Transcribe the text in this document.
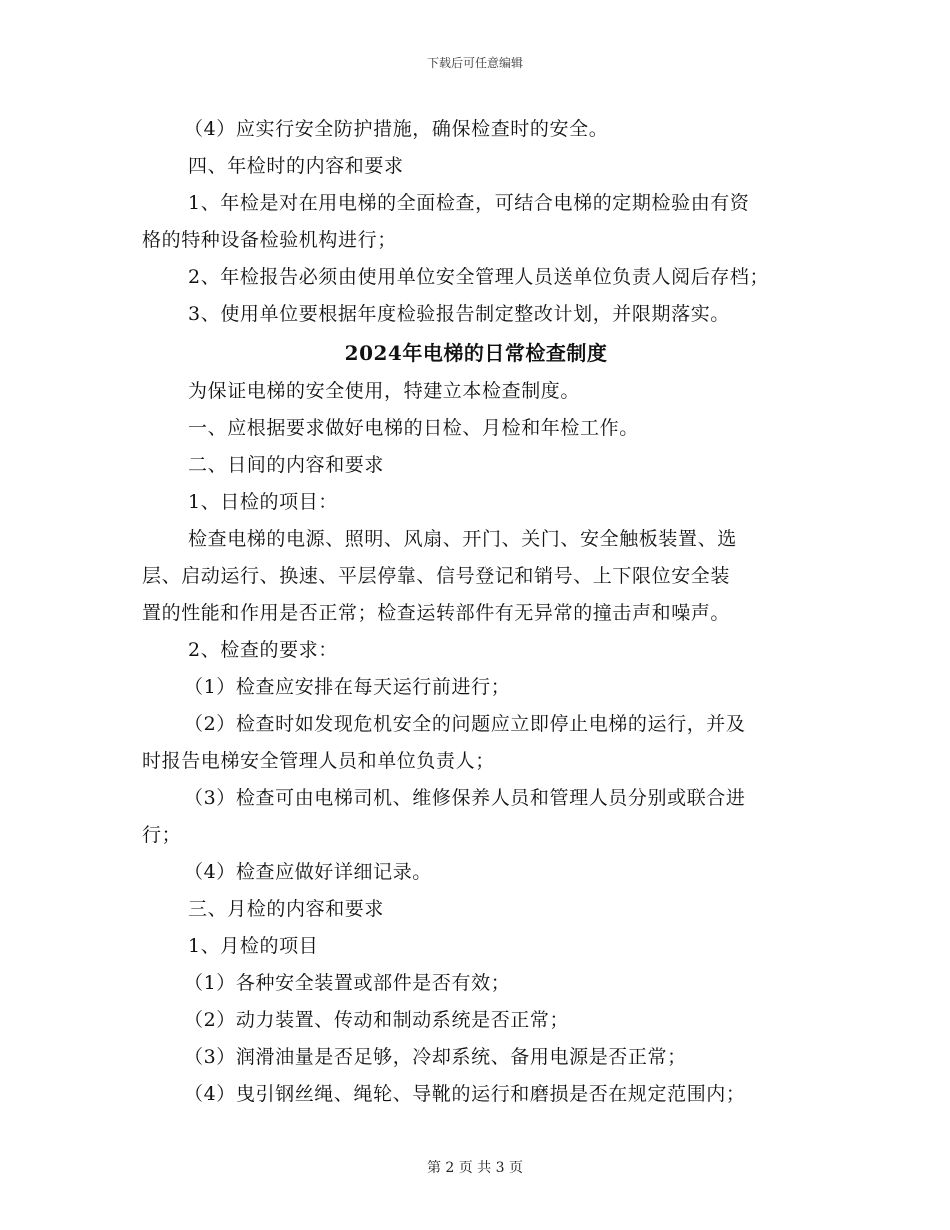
下载后可任意编辑
（4）应实行安全防护措施，确保检查时的安全。
四、年检时的内容和要求
1、年检是对在用电梯的全面检查，可结合电梯的定期检验由有资
格的特种设备检验机构进行；
2、年检报告必须由使用单位安全管理人员送单位负责人阅后存档；
3、使用单位要根据年度检验报告制定整改计划，并限期落实。
2024年电梯的日常检查制度
为保证电梯的安全使用，特建立本检查制度。
一、应根据要求做好电梯的日检、月检和年检工作。
二、日间的内容和要求
1、日检的项目：
检查电梯的电源、照明、风扇、开门、关门、安全触板装置、选
层、启动运行、换速、平层停靠、信号登记和销号、上下限位安全装
置的性能和作用是否正常；检查运转部件有无异常的撞击声和噪声。
2、检查的要求：
（1）检查应安排在每天运行前进行；
（2）检查时如发现危机安全的问题应立即停止电梯的运行，并及
时报告电梯安全管理人员和单位负责人；
（3）检查可由电梯司机、维修保养人员和管理人员分别或联合进
行；
（4）检查应做好详细记录。
三、月检的内容和要求
1、月检的项目
（1）各种安全装置或部件是否有效；
（2）动力装置、传动和制动系统是否正常；
（3）润滑油量是否足够，冷却系统、备用电源是否正常；
（4）曳引钢丝绳、绳轮、导靴的运行和磨损是否在规定范围内；
第 2 页 共 3 页
